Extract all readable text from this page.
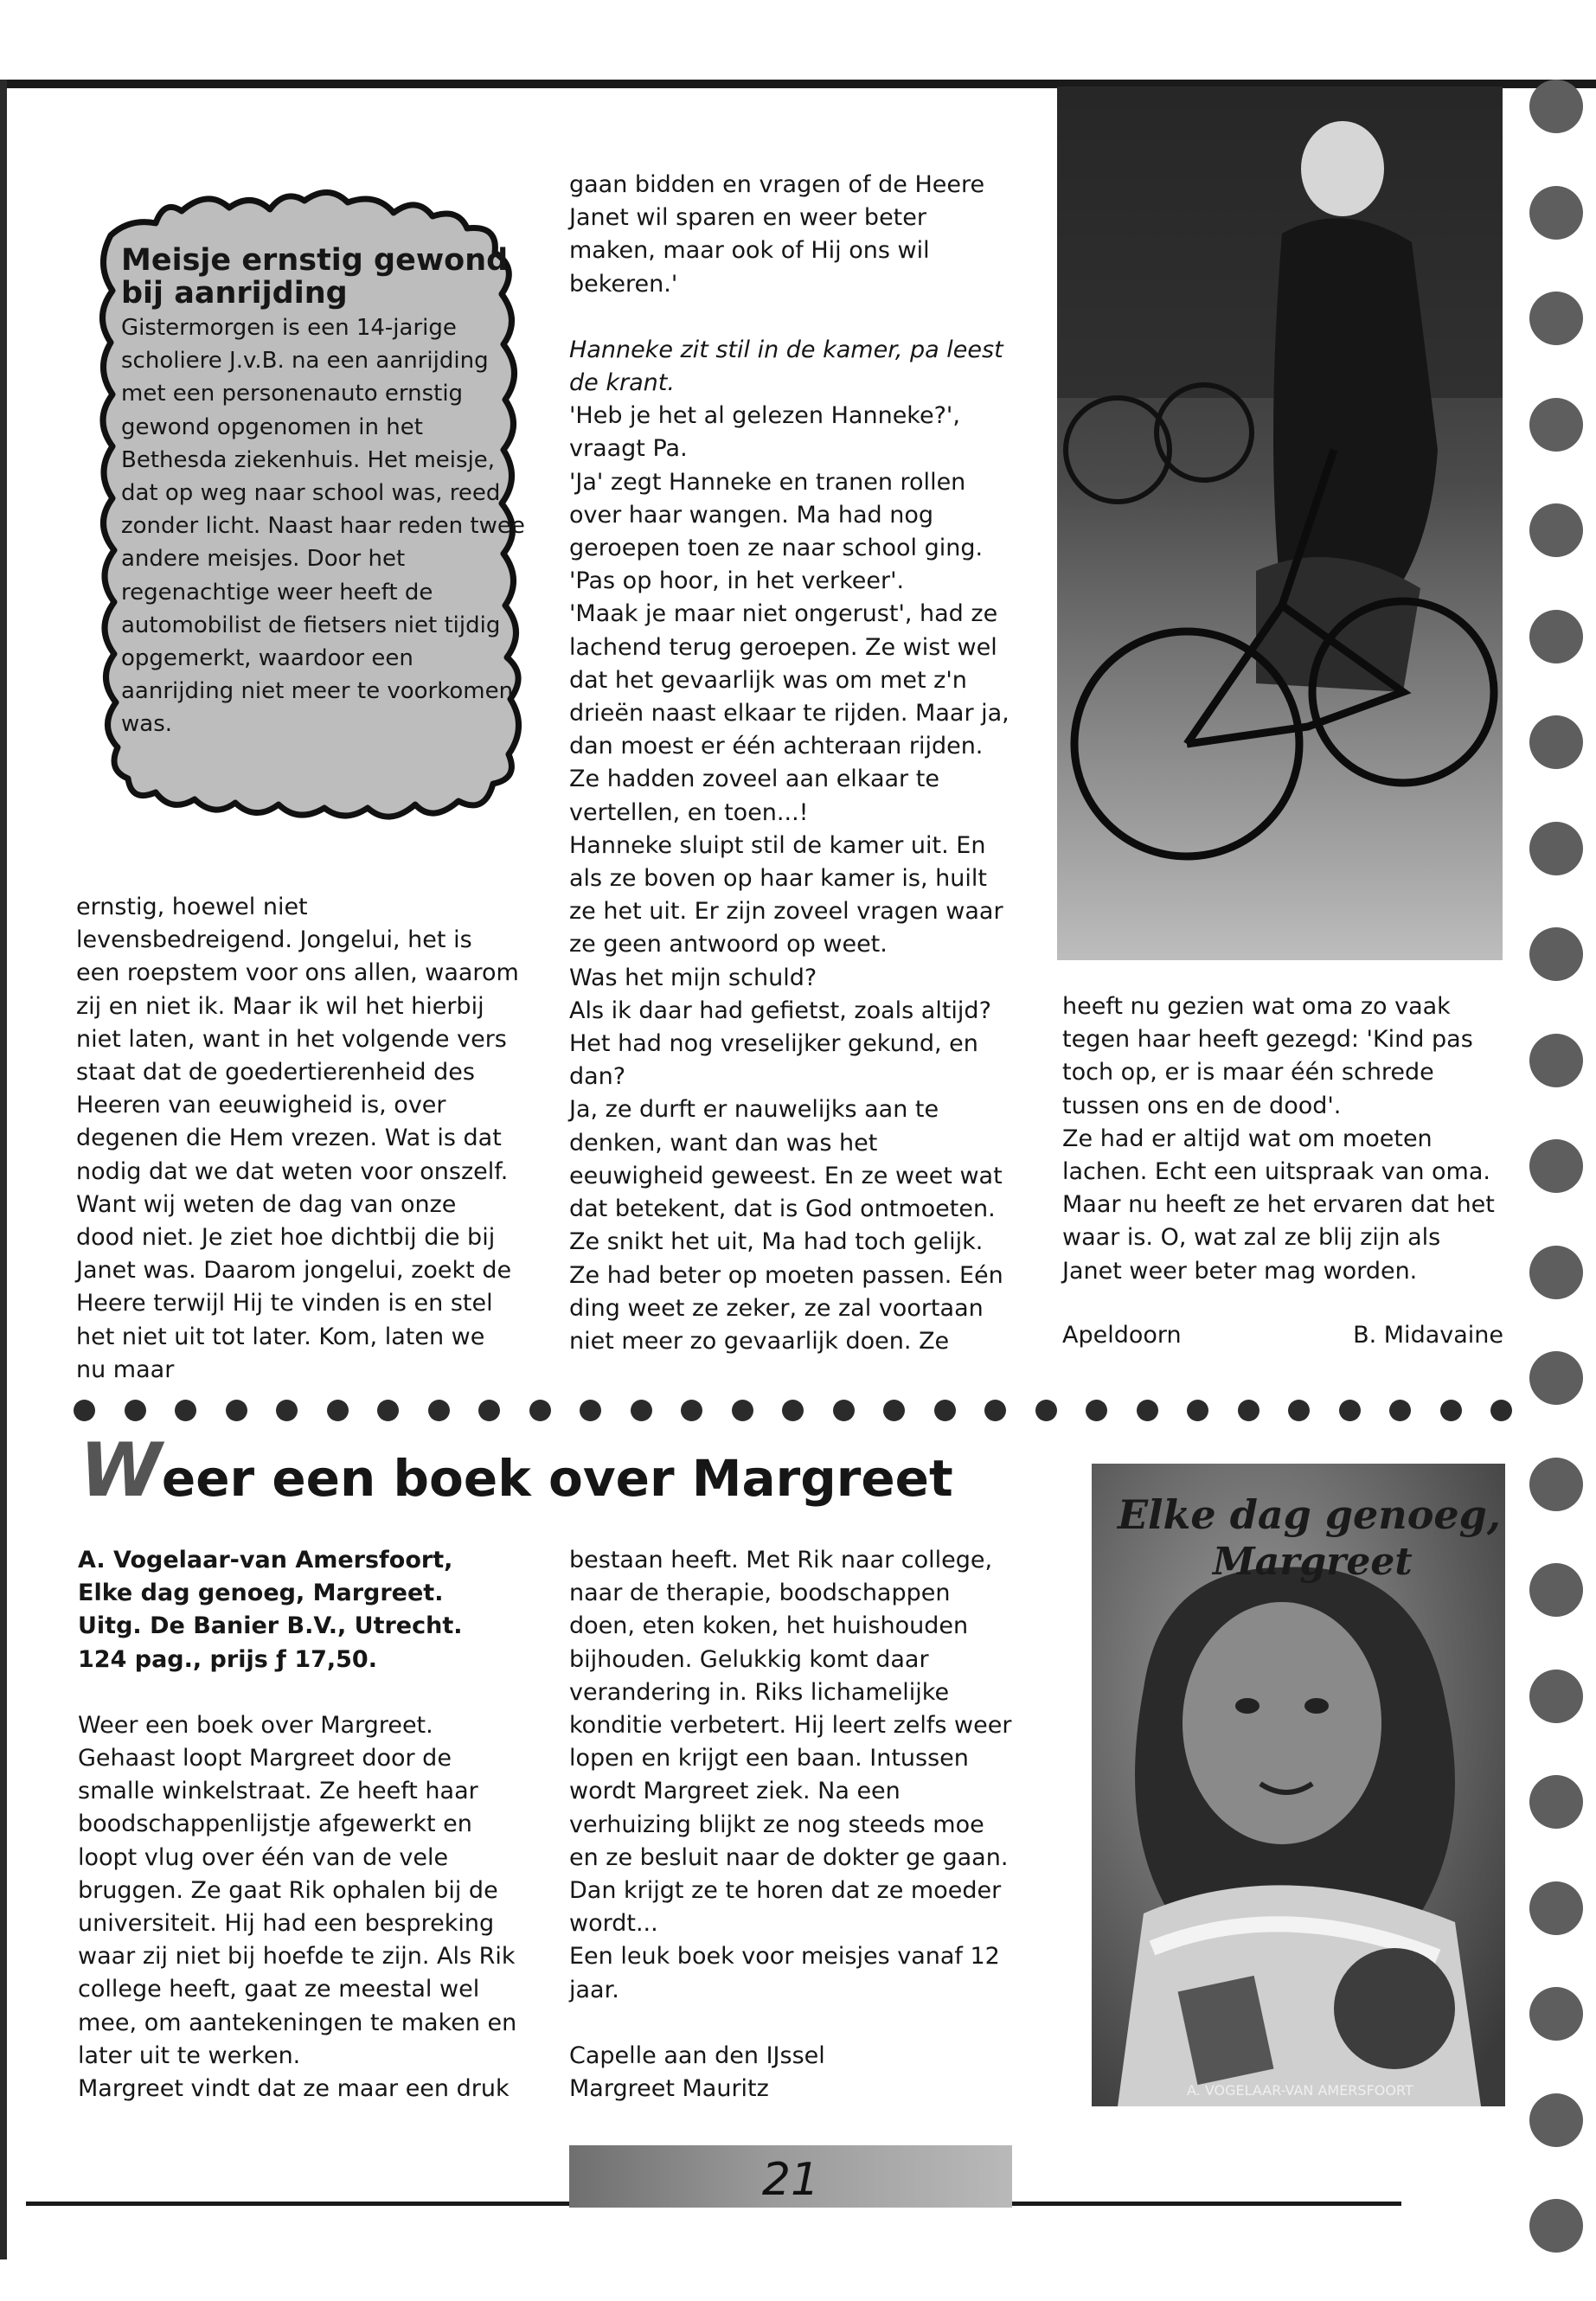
Meisje ernstig gewond bij aanrijding

Gistermorgen is een 14-jarige scholiere J.v.B. na een aanrijding met een personenauto ernstig gewond opgenomen in het Bethesda ziekenhuis. Het meisje, dat op weg naar school was, reed zonder licht. Naast haar reden twee andere meisjes. Door het regenachtige weer heeft de automobilist de fietsers niet tijdig opgemerkt, waardoor een aanrijding niet meer te voorkomen was.

ernstig, hoewel niet levensbedreigend. Jongelui, het is een roepstem voor ons allen, waarom zij en niet ik. Maar ik wil het hierbij niet laten, want in het volgende vers staat dat de goedertierenheid des Heeren van eeuwigheid is, over degenen die Hem vrezen. Wat is dat nodig dat we dat weten voor onszelf. Want wij weten de dag van onze dood niet. Je ziet hoe dichtbij die bij Janet was. Daarom jongelui, zoekt de Heere terwijl Hij te vinden is en stel het niet uit tot later. Kom, laten we nu maar

gaan bidden en vragen of de Heere Janet wil sparen en weer beter maken, maar ook of Hij ons wil bekeren.'

Hanneke zit stil in de kamer, pa leest de krant.

'Heb je het al gelezen Hanneke?', vraagt Pa.

'Ja' zegt Hanneke en tranen rollen over haar wangen. Ma had nog geroepen toen ze naar school ging. 'Pas op hoor, in het verkeer'.

'Maak je maar niet ongerust', had ze lachend terug geroepen. Ze wist wel dat het gevaarlijk was om met z'n drieën naast elkaar te rijden. Maar ja, dan moest er één achteraan rijden. Ze hadden zoveel aan elkaar te vertellen, en toen...!

Hanneke sluipt stil de kamer uit. En als ze boven op haar kamer is, huilt ze het uit. Er zijn zoveel vragen waar ze geen antwoord op weet.

Was het mijn schuld?

Als ik daar had gefietst, zoals altijd? Het had nog vreselijker gekund, en dan?

Ja, ze durft er nauwelijks aan te denken, want dan was het eeuwigheid geweest. En ze weet wat dat betekent, dat is God ontmoeten.

Ze snikt het uit, Ma had toch gelijk. Ze had beter op moeten passen. Eén ding weet ze zeker, ze zal voortaan niet meer zo gevaarlijk doen. Ze

heeft nu gezien wat oma zo vaak tegen haar heeft gezegd: 'Kind pas toch op, er is maar één schrede tussen ons en de dood'.

Ze had er altijd wat om moeten lachen. Echt een uitspraak van oma. Maar nu heeft ze het ervaren dat het waar is. O, wat zal ze blij zijn als Janet weer beter mag worden.

Apeldoorn	B. Midavaine
Weer een boek over Margreet

A. Vogelaar-van Amersfoort,

Elke dag genoeg, Margreet.

Uitg. De Banier B.V., Utrecht.

124 pag., prijs ƒ 17,50.

Weer een boek over Margreet. Gehaast loopt Margreet door de smalle winkelstraat. Ze heeft haar boodschappenlijstje afgewerkt en loopt vlug over één van de vele bruggen. Ze gaat Rik ophalen bij de universiteit. Hij had een bespreking waar zij niet bij hoefde te zijn. Als Rik college heeft, gaat ze meestal wel mee, om aantekeningen te maken en later uit te werken.

Margreet vindt dat ze maar een druk

bestaan heeft. Met Rik naar college, naar de therapie, boodschappen doen, eten koken, het huishouden bijhouden. Gelukkig komt daar verandering in. Riks lichamelijke konditie verbetert. Hij leert zelfs weer lopen en krijgt een baan. Intussen wordt Margreet ziek. Na een verhuizing blijkt ze nog steeds moe en ze besluit naar de dokter ge gaan. Dan krijgt ze te horen dat ze moeder wordt...

Een leuk boek voor meisjes vanaf 12 jaar.

Capelle aan den IJssel

Margreet Mauritz

Elke dag genoeg,
Margreet
A. VOGELAAR-VAN AMERSFOORT
21
